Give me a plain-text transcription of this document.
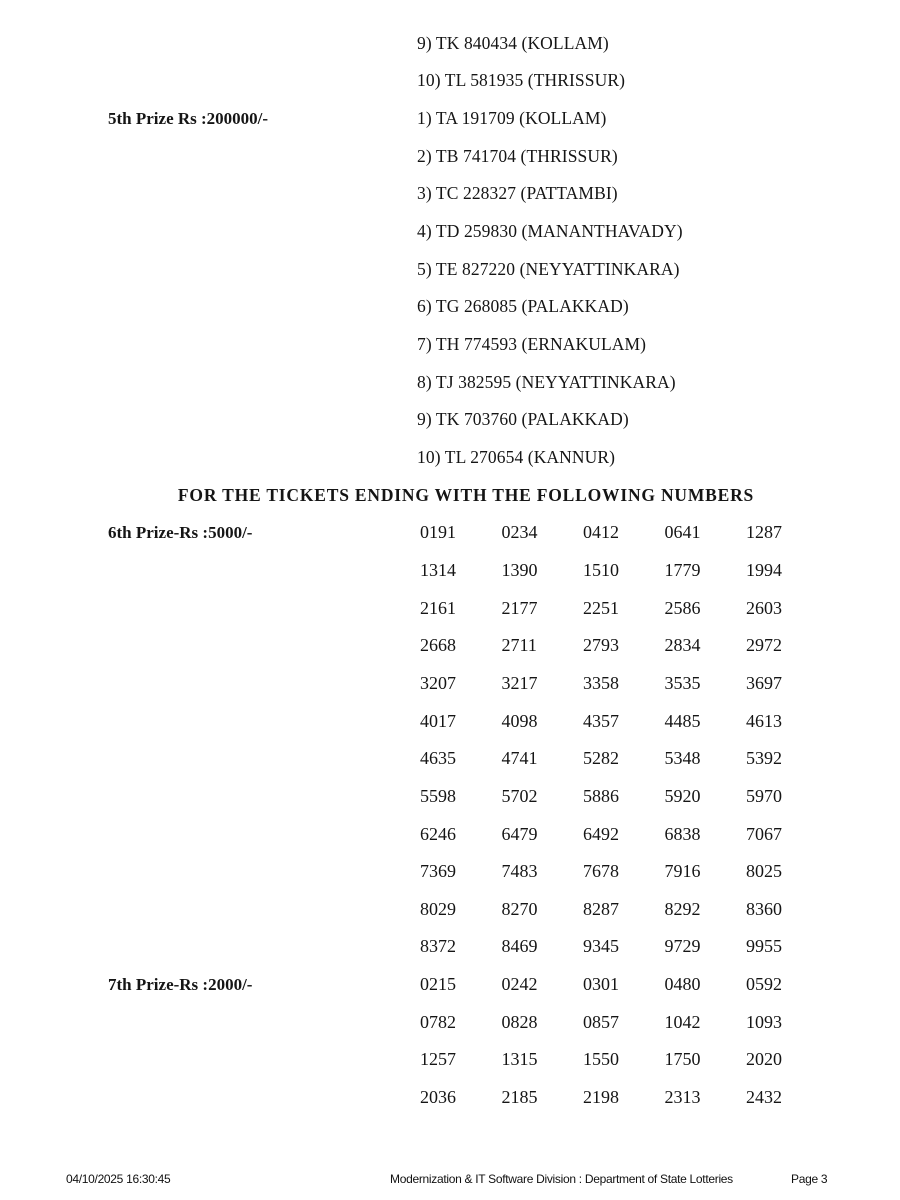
9) TK 840434 (KOLLAM)
10) TL 581935 (THRISSUR)
5th Prize Rs :200000/-	1) TA 191709 (KOLLAM)
2) TB 741704 (THRISSUR)
3) TC 228327 (PATTAMBI)
4) TD 259830 (MANANTHAVADY)
5) TE 827220 (NEYYATTINKARA)
6) TG 268085 (PALAKKAD)
7) TH 774593 (ERNAKULAM)
8) TJ 382595 (NEYYATTINKARA)
9) TK 703760 (PALAKKAD)
10) TL 270654 (KANNUR)
FOR THE TICKETS ENDING WITH THE FOLLOWING NUMBERS
6th Prize-Rs :5000/-	0191	0234	0412	0641	1287
1314	1390	1510	1779	1994
2161	2177	2251	2586	2603
2668	2711	2793	2834	2972
3207	3217	3358	3535	3697
4017	4098	4357	4485	4613
4635	4741	5282	5348	5392
5598	5702	5886	5920	5970
6246	6479	6492	6838	7067
7369	7483	7678	7916	8025
8029	8270	8287	8292	8360
8372	8469	9345	9729	9955
7th Prize-Rs :2000/-	0215	0242	0301	0480	0592
0782	0828	0857	1042	1093
1257	1315	1550	1750	2020
2036	2185	2198	2313	2432
04/10/2025 16:30:45	Modernization & IT Software Division : Department of State Lotteries	Page 3
